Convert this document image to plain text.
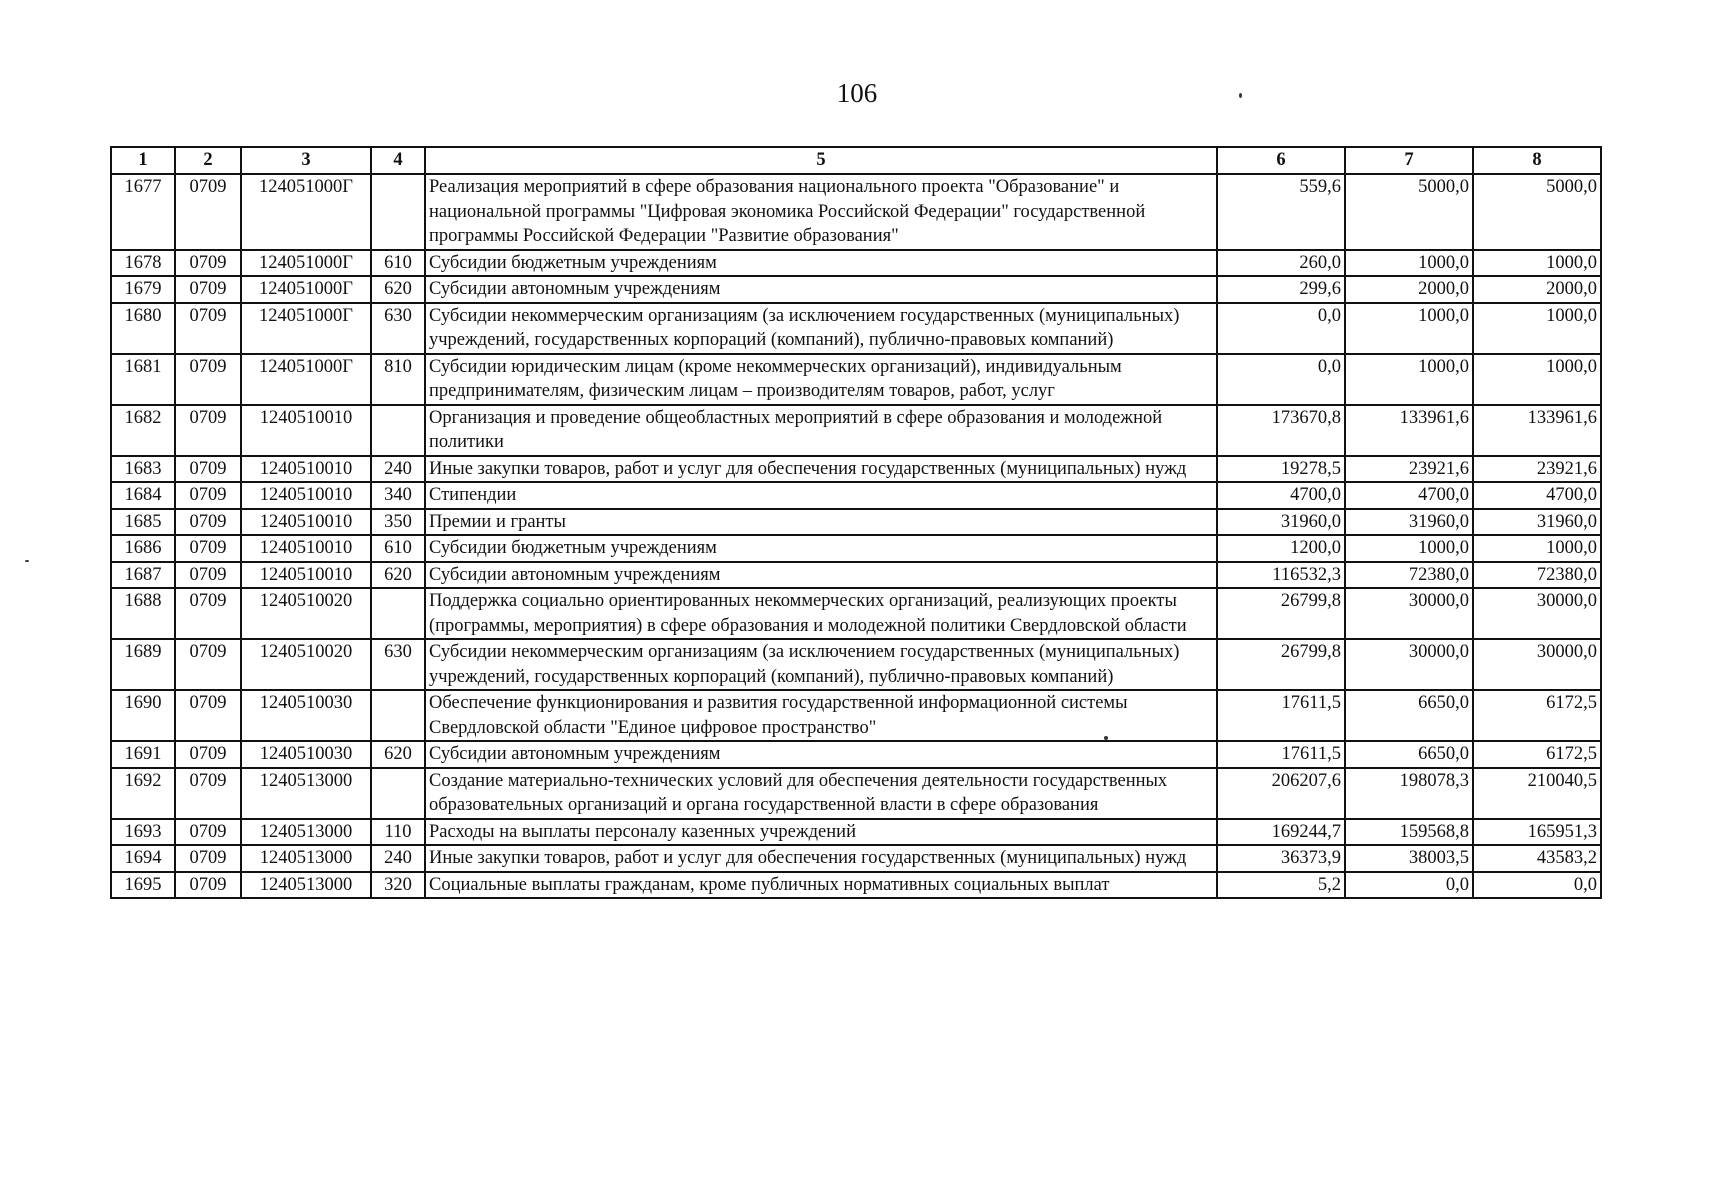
106
1	2	3	4	5	6	7	8
1677	0709	124051000Г		Реализация мероприятий в сфере образования национального проекта "Образование" и национальной программы "Цифровая экономика Российской Федерации" государственной программы Российской Федерации "Развитие образования"	559,6	5000,0	5000,0
1678	0709	124051000Г	610	Субсидии бюджетным учреждениям	260,0	1000,0	1000,0
1679	0709	124051000Г	620	Субсидии автономным учреждениям	299,6	2000,0	2000,0
1680	0709	124051000Г	630	Субсидии некоммерческим организациям (за исключением государственных (муниципальных) учреждений, государственных корпораций (компаний), публично-правовых компаний)	0,0	1000,0	1000,0
1681	0709	124051000Г	810	Субсидии юридическим лицам (кроме некоммерческих организаций), индивидуальным предпринимателям, физическим лицам – производителям товаров, работ, услуг	0,0	1000,0	1000,0
1682	0709	1240510010		Организация и проведение общеобластных мероприятий в сфере образования и молодежной политики	173670,8	133961,6	133961,6
1683	0709	1240510010	240	Иные закупки товаров, работ и услуг для обеспечения государственных (муниципальных) нужд	19278,5	23921,6	23921,6
1684	0709	1240510010	340	Стипендии	4700,0	4700,0	4700,0
1685	0709	1240510010	350	Премии и гранты	31960,0	31960,0	31960,0
1686	0709	1240510010	610	Субсидии бюджетным учреждениям	1200,0	1000,0	1000,0
1687	0709	1240510010	620	Субсидии автономным учреждениям	116532,3	72380,0	72380,0
1688	0709	1240510020		Поддержка социально ориентированных некоммерческих организаций, реализующих проекты (программы, мероприятия) в сфере образования и молодежной политики Свердловской области	26799,8	30000,0	30000,0
1689	0709	1240510020	630	Субсидии некоммерческим организациям (за исключением государственных (муниципальных) учреждений, государственных корпораций (компаний), публично-правовых компаний)	26799,8	30000,0	30000,0
1690	0709	1240510030		Обеспечение функционирования и развития государственной информационной системы Свердловской области "Единое цифровое пространство"	17611,5	6650,0	6172,5
1691	0709	1240510030	620	Субсидии автономным учреждениям	17611,5	6650,0	6172,5
1692	0709	1240513000		Создание материально-технических условий для обеспечения деятельности государственных образовательных организаций и органа государственной власти в сфере образования	206207,6	198078,3	210040,5
1693	0709	1240513000	110	Расходы на выплаты персоналу казенных учреждений	169244,7	159568,8	165951,3
1694	0709	1240513000	240	Иные закупки товаров, работ и услуг для обеспечения государственных (муниципальных) нужд	36373,9	38003,5	43583,2
1695	0709	1240513000	320	Социальные выплаты гражданам, кроме публичных нормативных социальных выплат	5,2	0,0	0,0
